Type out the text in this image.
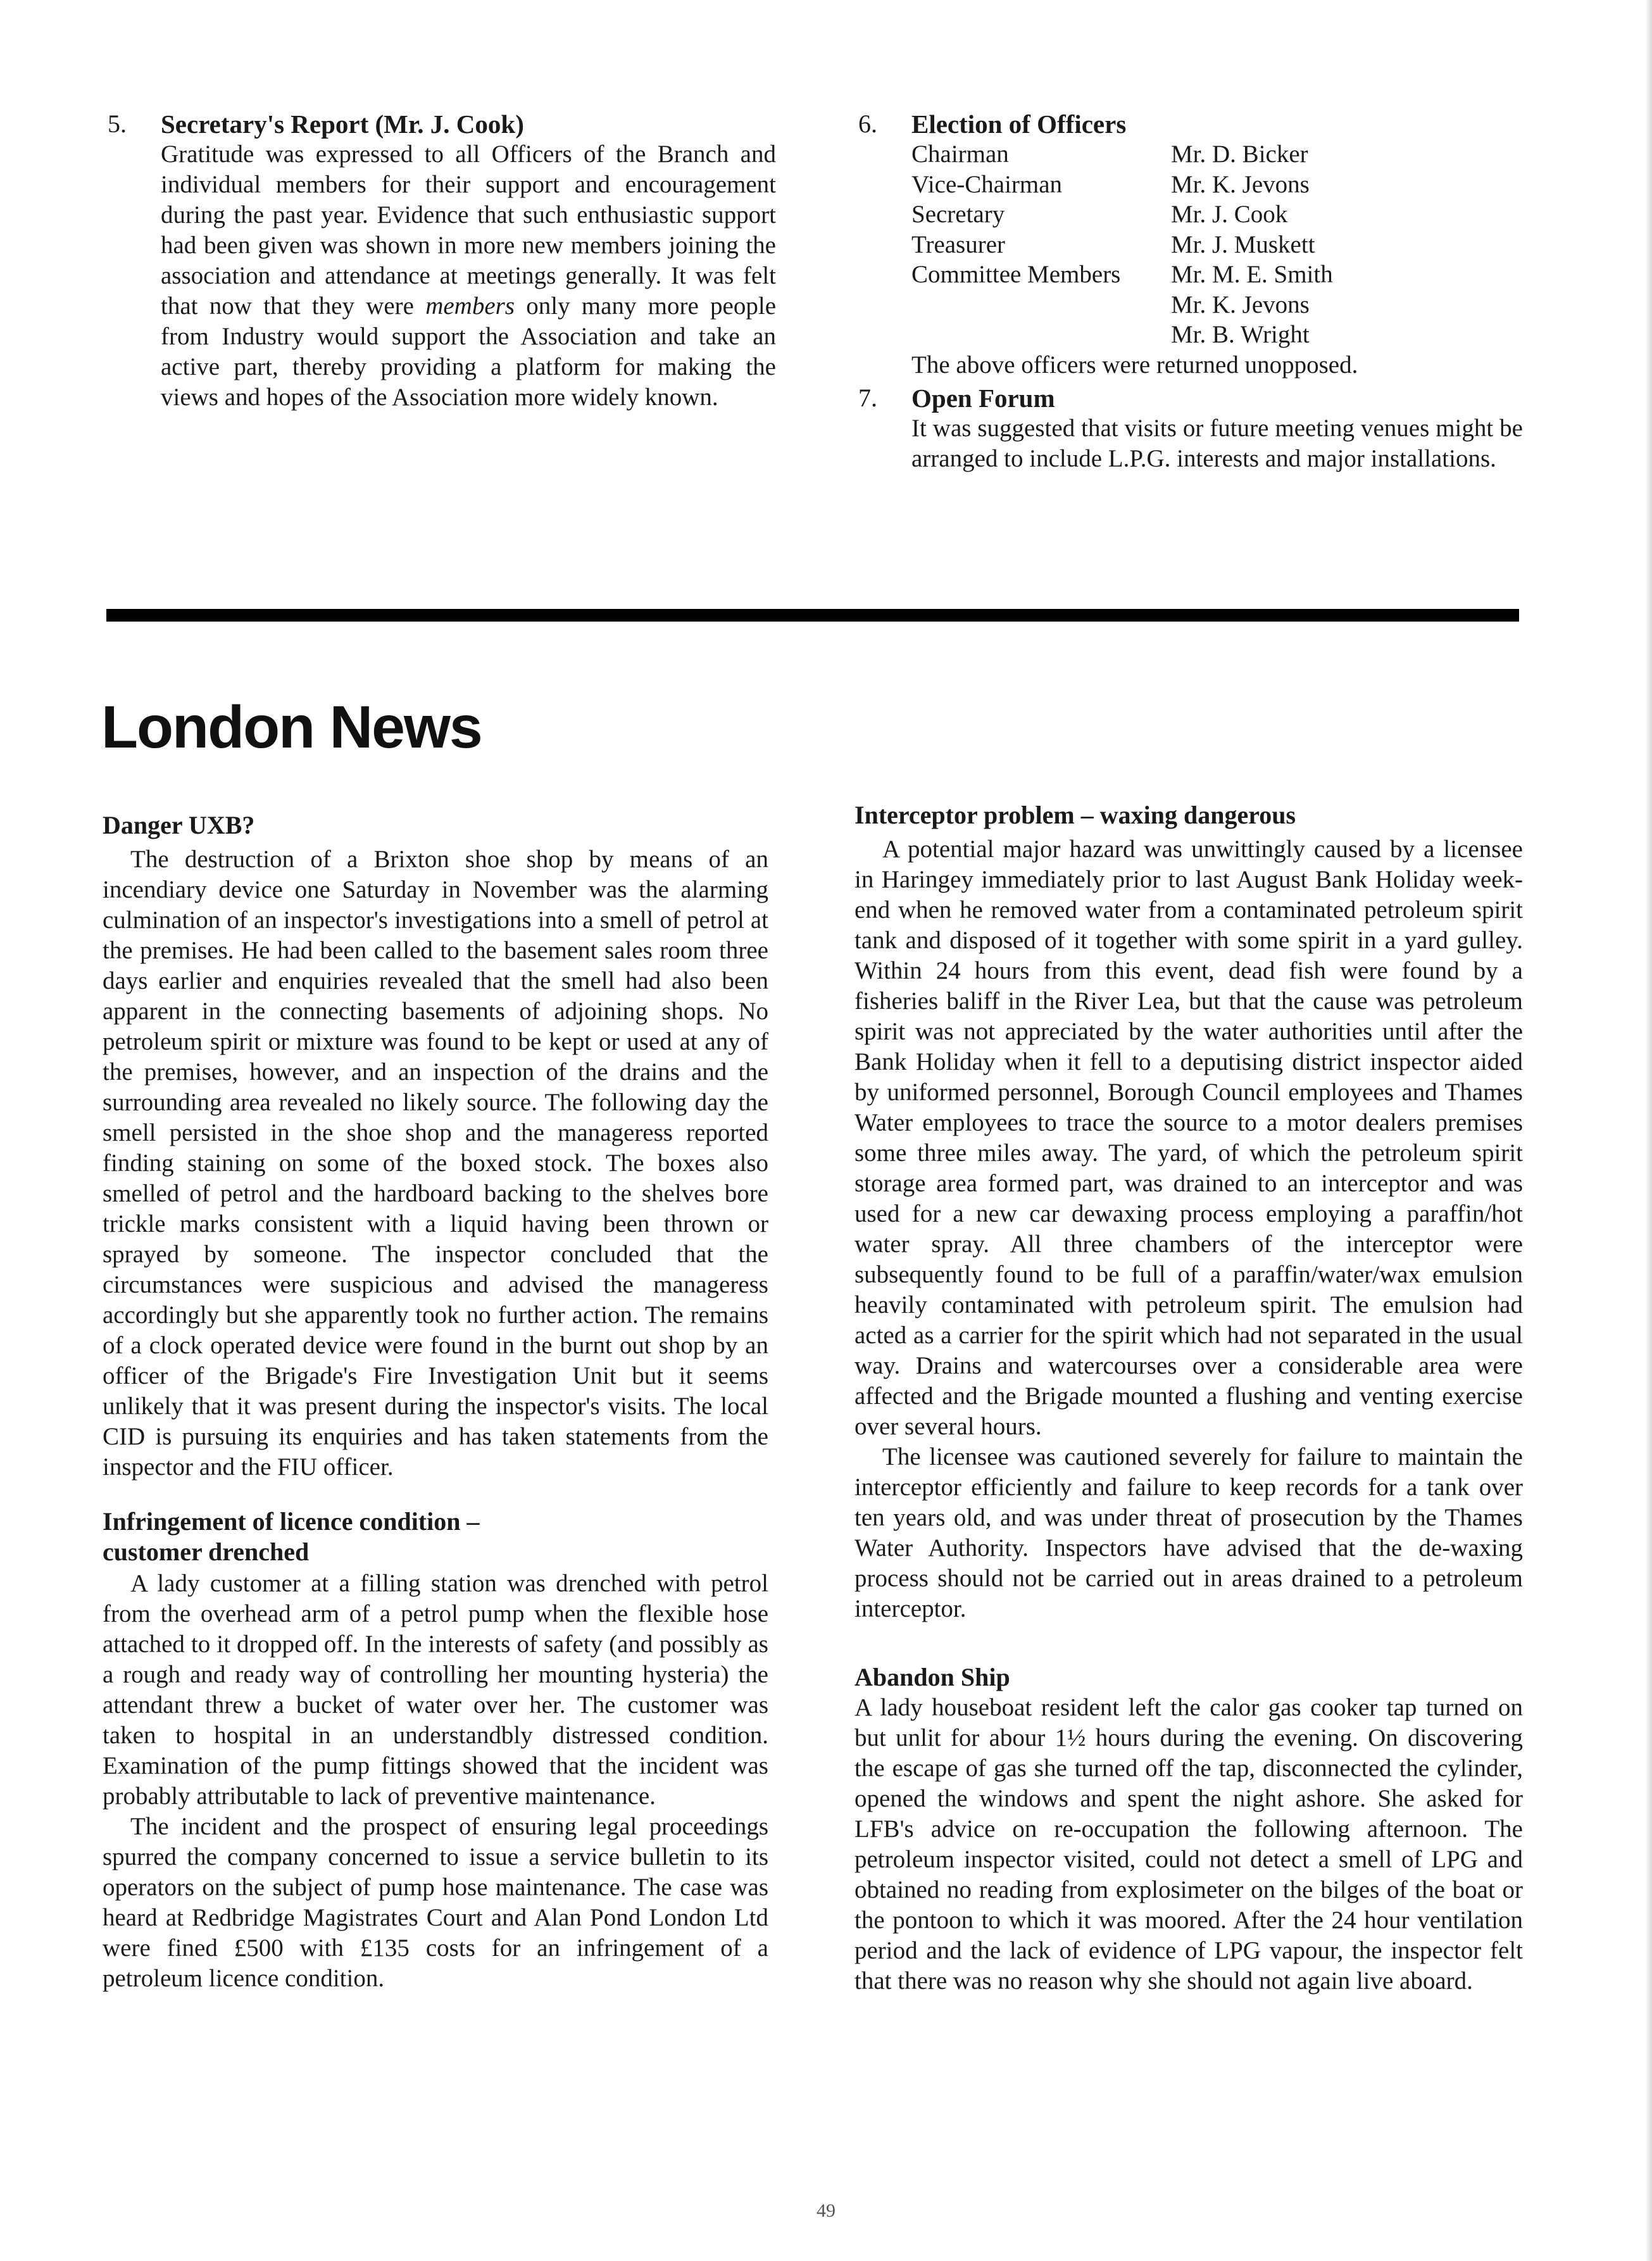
5. Secretary's Report (Mr. J. Cook)

Gratitude was expressed to all Officers of the Branch and individual members for their support and encouragement during the past year. Evidence that such enthusiastic support had been given was shown in more new members joining the association and attendance at meetings generally. It was felt that now that they were members only many more people from Industry would support the Association and take an active part, thereby providing a platform for making the views and hopes of the Association more widely known.

6. Election of Officers
Chairman	Mr. D. Bicker
Vice-Chairman	Mr. K. Jevons
Secretary	Mr. J. Cook
Treasurer	Mr. J. Muskett
Committee Members	Mr. M. E. Smith
Mr. K. Jevons
Mr. B. Wright

The above officers were returned unopposed.

7. Open Forum

It was suggested that visits or future meeting venues might be arranged to include L.P.G. interests and major installations.

London News
Danger UXB?

The destruction of a Brixton shoe shop by means of an incendiary device one Saturday in November was the alarming culmination of an inspector's investigations into a smell of petrol at the premises. He had been called to the basement sales room three days earlier and enquiries revealed that the smell had also been apparent in the connecting basements of adjoining shops. No petroleum spirit or mixture was found to be kept or used at any of the premises, however, and an inspection of the drains and the surrounding area revealed no likely source. The following day the smell persisted in the shoe shop and the manageress reported finding staining on some of the boxed stock. The boxes also smelled of petrol and the hardboard backing to the shelves bore trickle marks consistent with a liquid having been thrown or sprayed by someone. The inspector concluded that the circumstances were suspicious and advised the manageress accordingly but she apparently took no further action. The remains of a clock operated device were found in the burnt out shop by an officer of the Brigade's Fire Investigation Unit but it seems unlikely that it was present during the inspector's visits. The local CID is pursuing its enquiries and has taken statements from the inspector and the FIU officer.

Infringement of licence condition –
customer drenched

A lady customer at a filling station was drenched with petrol from the overhead arm of a petrol pump when the flexible hose attached to it dropped off. In the interests of safety (and possibly as a rough and ready way of controlling her mounting hysteria) the attendant threw a bucket of water over her. The customer was taken to hospital in an understandbly distressed condition. Examination of the pump fittings showed that the incident was probably attributable to lack of preventive maintenance.

The incident and the prospect of ensuring legal proceedings spurred the company concerned to issue a service bulletin to its operators on the subject of pump hose maintenance. The case was heard at Redbridge Magistrates Court and Alan Pond London Ltd were fined £500 with £135 costs for an infringement of a petroleum licence condition.

Interceptor problem – waxing dangerous

A potential major hazard was unwittingly caused by a licensee in Haringey immediately prior to last August Bank Holiday week-end when he removed water from a contaminated petroleum spirit tank and disposed of it together with some spirit in a yard gulley. Within 24 hours from this event, dead fish were found by a fisheries baliff in the River Lea, but that the cause was petroleum spirit was not appreciated by the water authorities until after the Bank Holiday when it fell to a deputising district inspector aided by uniformed personnel, Borough Council employees and Thames Water employees to trace the source to a motor dealers premises some three miles away. The yard, of which the petroleum spirit storage area formed part, was drained to an interceptor and was used for a new car dewaxing process employing a paraffin/hot water spray. All three chambers of the interceptor were subsequently found to be full of a paraffin/water/wax emulsion heavily contaminated with petroleum spirit. The emulsion had acted as a carrier for the spirit which had not separated in the usual way. Drains and watercourses over a considerable area were affected and the Brigade mounted a flushing and venting exercise over several hours.

The licensee was cautioned severely for failure to maintain the interceptor efficiently and failure to keep records for a tank over ten years old, and was under threat of prosecution by the Thames Water Authority. Inspectors have advised that the de-waxing process should not be carried out in areas drained to a petroleum interceptor.

Abandon Ship

A lady houseboat resident left the calor gas cooker tap turned on but unlit for abour 1½ hours during the evening. On discovering the escape of gas she turned off the tap, disconnected the cylinder, opened the windows and spent the night ashore. She asked for LFB's advice on re-occupation the following afternoon. The petroleum inspector visited, could not detect a smell of LPG and obtained no reading from explosimeter on the bilges of the boat or the pontoon to which it was moored. After the 24 hour ventilation period and the lack of evidence of LPG vapour, the inspector felt that there was no reason why she should not again live aboard.

49
